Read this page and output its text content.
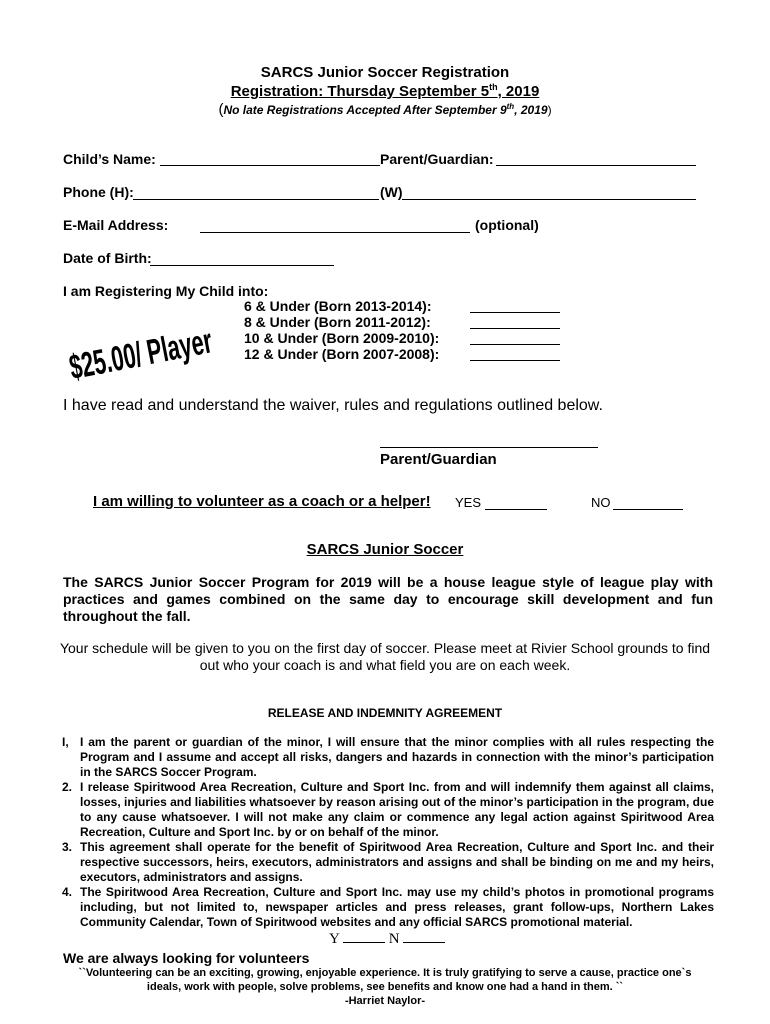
SARCS Junior Soccer Registration
Registration: Thursday September 5th, 2019
(No late Registrations Accepted After September 9th, 2019)
Child’s Name:	Parent/Guardian:
Phone (H):	(W)
E-Mail Address:	(optional)
Date of Birth:
I am Registering My Child into:
6 & Under (Born 2013-2014):
8 & Under (Born 2011-2012):
10 & Under (Born 2009-2010):
12 & Under (Born 2007-2008):
$25.00/ Player
I have read and understand the waiver, rules and regulations outlined below.
Parent/Guardian
I am willing to volunteer as a coach or a helper! YES	NO
SARCS Junior Soccer
The SARCS Junior Soccer Program for 2019 will be a house league style of league play with practices and games combined on the same day to encourage skill development and fun throughout the fall.
Your schedule will be given to you on the first day of soccer. Please meet at Rivier School grounds to find
out who your coach is and what field you are on each week.
RELEASE AND INDEMNITY AGREEMENT
I, I am the parent or guardian of the minor, I will ensure that the minor complies with all rules respecting the Program and I assume and accept all risks, dangers and hazards in connection with the minor’s participation in the SARCS Soccer Program.
2. I release Spiritwood Area Recreation, Culture and Sport Inc. from and will indemnify them against all claims, losses, injuries and liabilities whatsoever by reason arising out of the minor’s participation in the program, due to any cause whatsoever. I will not make any claim or commence any legal action against Spiritwood Area Recreation, Culture and Sport Inc. by or on behalf of the minor.
3. This agreement shall operate for the benefit of Spiritwood Area Recreation, Culture and Sport Inc. and their respective successors, heirs, executors, administrators and assigns and shall be binding on me and my heirs, executors, administrators and assigns.
4. The Spiritwood Area Recreation, Culture and Sport Inc. may use my child’s photos in promotional programs including, but not limited to, newspaper articles and press releases, grant follow-ups, Northern Lakes Community Calendar, Town of Spiritwood websites and any official SARCS promotional material.
Y	N
We are always looking for volunteers
``Volunteering can be an exciting, growing, enjoyable experience. It is truly gratifying to serve a cause, practice one`s
ideals, work with people, solve problems, see benefits and know one had a hand in them. ``
-Harriet Naylor-
